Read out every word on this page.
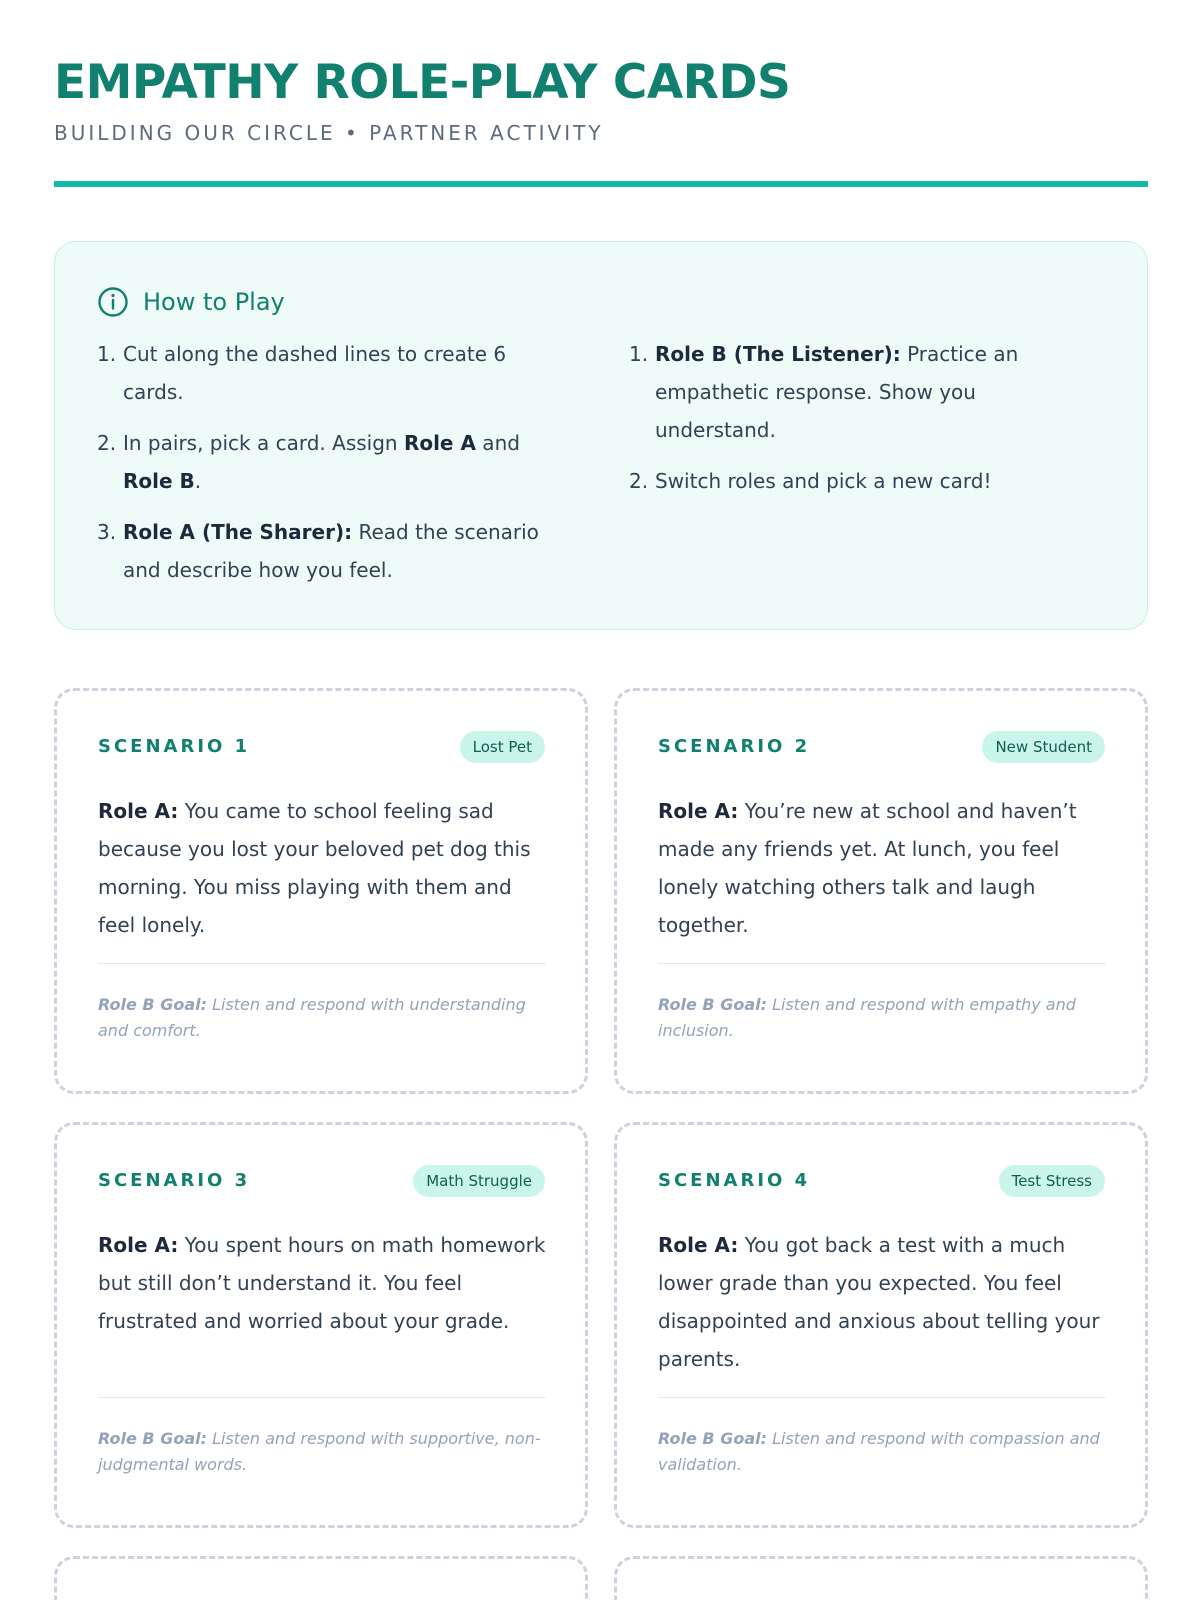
EMPATHY ROLE-PLAY CARDS
BUILDING OUR CIRCLE • PARTNER ACTIVITY
How to Play
1. Cut along the dashed lines to create 6 cards.
2. In pairs, pick a card. Assign Role A and Role B.
3. Role A (The Sharer): Read the scenario and describe how you feel.
1. Role B (The Listener): Practice an empathetic response. Show you understand.
2. Switch roles and pick a new card!
SCENARIO 1	Lost Pet

Role A: You came to school feeling sad because you lost your beloved pet dog this morning. You miss playing with them and feel lonely.

Role B Goal: Listen and respond with understanding and comfort.

SCENARIO 2	New Student

Role A: You’re new at school and haven’t made any friends yet. At lunch, you feel lonely watching others talk and laugh together.

Role B Goal: Listen and respond with empathy and inclusion.

SCENARIO 3	Math Struggle

Role A: You spent hours on math homework but still don’t understand it. You feel frustrated and worried about your grade.

Role B Goal: Listen and respond with supportive, non-judgmental words.

SCENARIO 4	Test Stress

Role A: You got back a test with a much lower grade than you expected. You feel disappointed and anxious about telling your parents.

Role B Goal: Listen and respond with compassion and validation.
